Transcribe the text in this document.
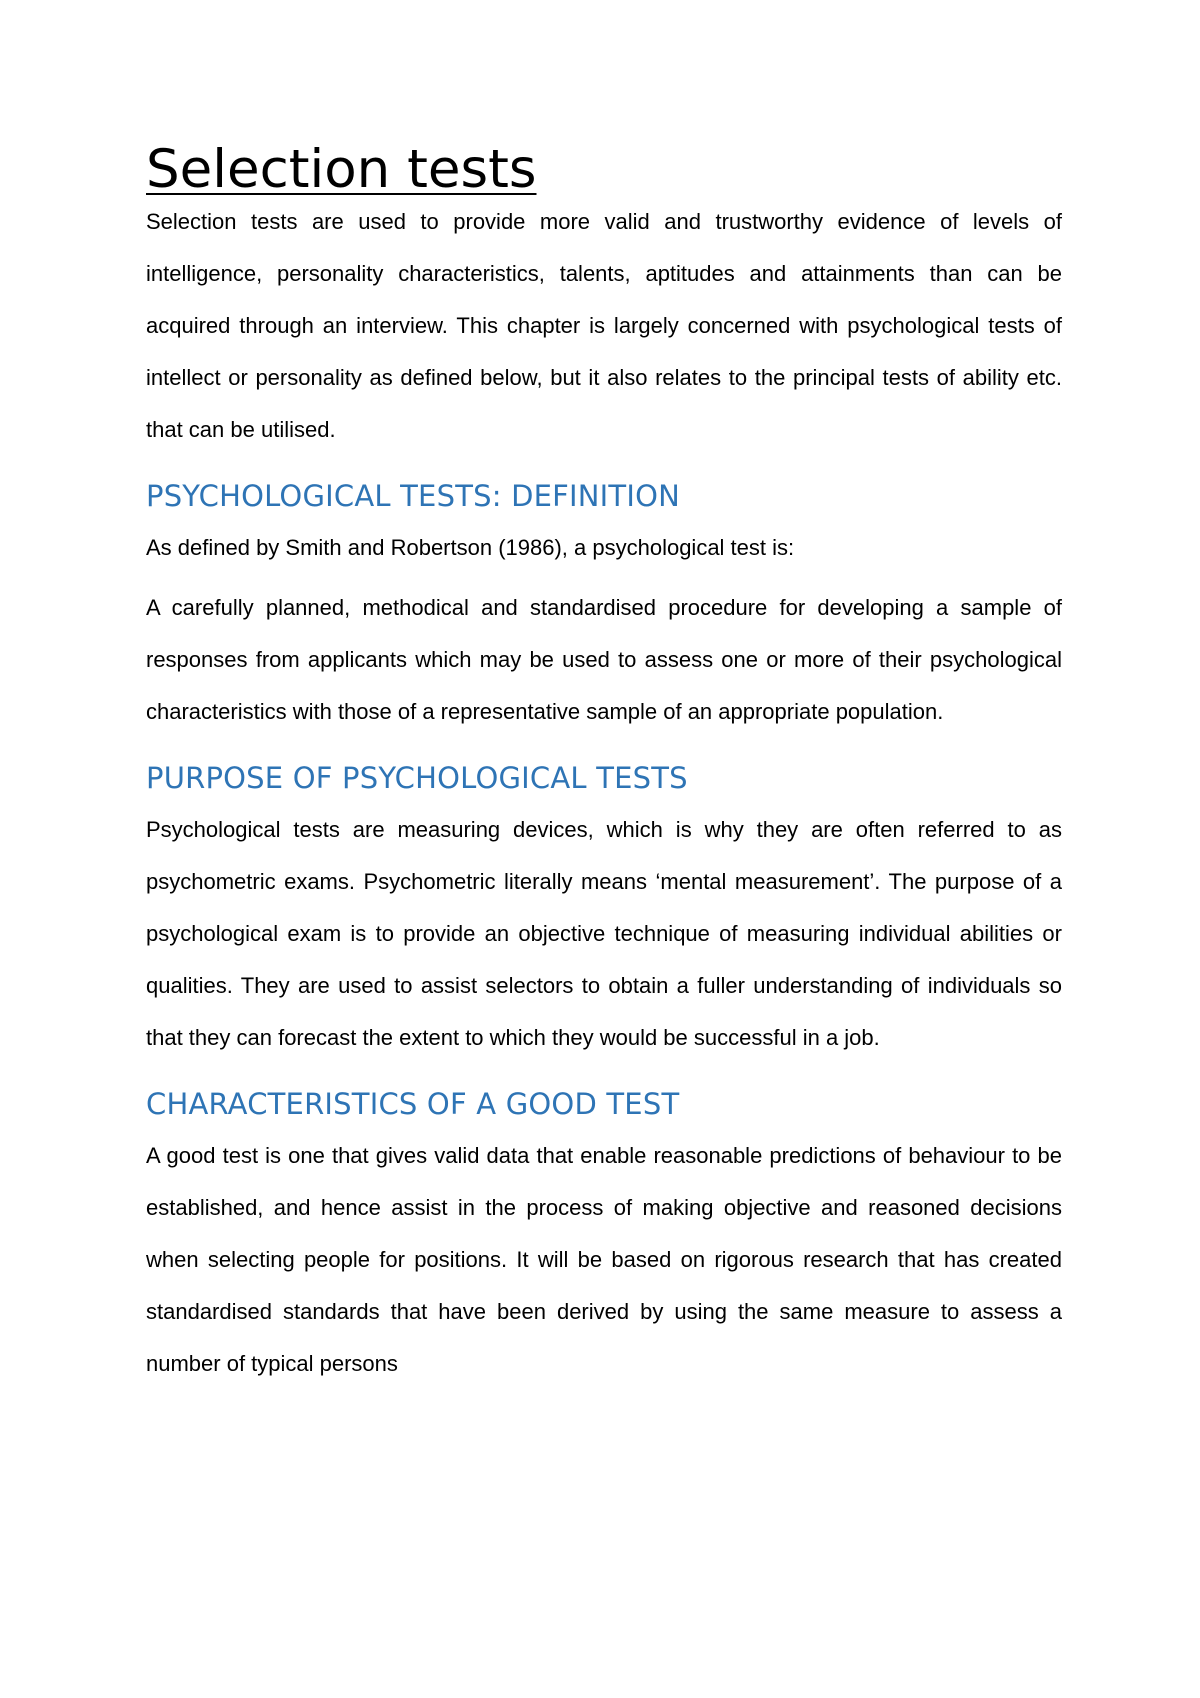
Selection tests

Selection tests are used to provide more valid and trustworthy evidence of levels of intelligence, personality characteristics, talents, aptitudes and attainments than can be acquired through an interview. This chapter is largely concerned with psychological tests of intellect or personality as defined below, but it also relates to the principal tests of ability etc. that can be utilised.

PSYCHOLOGICAL TESTS: DEFINITION

As defined by Smith and Robertson (1986), a psychological test is:

A carefully planned, methodical and standardised procedure for developing a sample of responses from applicants which may be used to assess one or more of their psychological characteristics with those of a representative sample of an appropriate population.

PURPOSE OF PSYCHOLOGICAL TESTS

Psychological tests are measuring devices, which is why they are often referred to as psychometric exams. Psychometric literally means ‘mental measurement’. The purpose of a psychological exam is to provide an objective technique of measuring individual abilities or qualities. They are used to assist selectors to obtain a fuller understanding of individuals so that they can forecast the extent to which they would be successful in a job.

CHARACTERISTICS OF A GOOD TEST

A good test is one that gives valid data that enable reasonable predictions of behaviour to be established, and hence assist in the process of making objective and reasoned decisions when selecting people for positions. It will be based on rigorous research that has created standardised standards that have been derived by using the same measure to assess a number of typical persons
